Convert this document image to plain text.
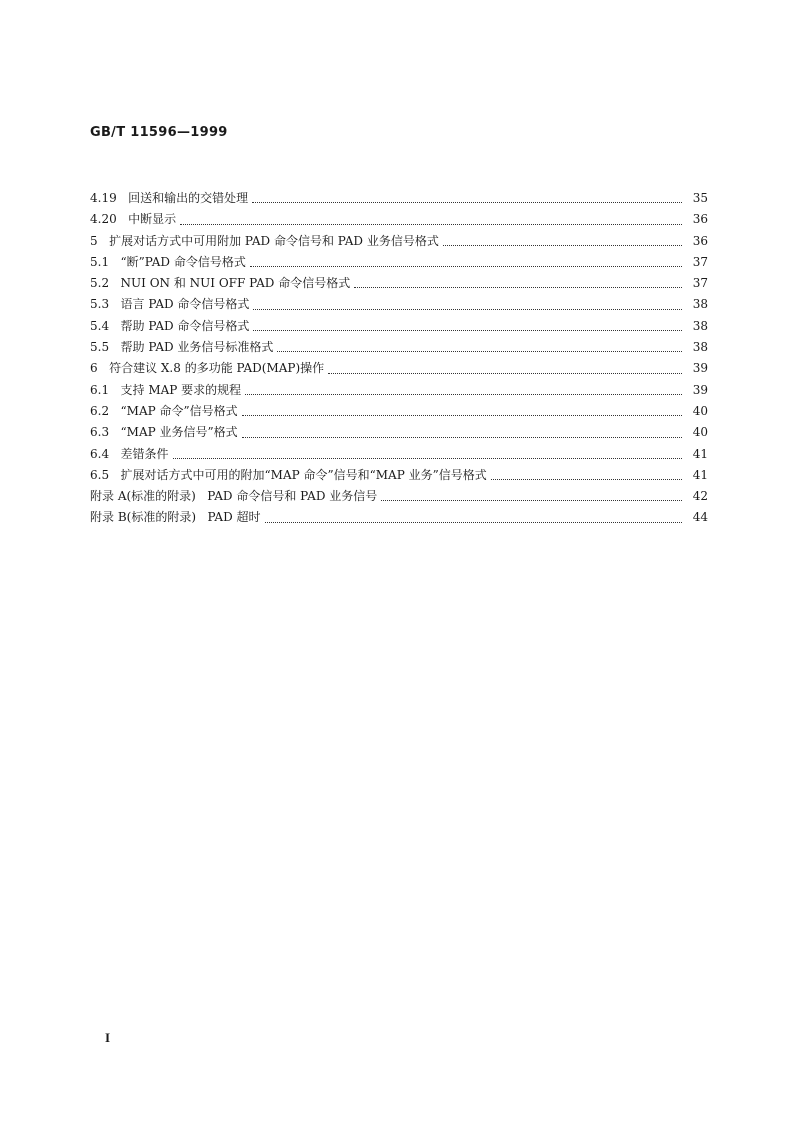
GB/T 11596—1999
4.19   回送和输出的交错处理	35
4.20   中断显示	36
5   扩展对话方式中可用附加 PAD 命令信号和 PAD 业务信号格式	36
5.1   “断”PAD 命令信号格式	37
5.2   NUI ON 和 NUI OFF PAD 命令信号格式	37
5.3   语言 PAD 命令信号格式	38
5.4   帮助 PAD 命令信号格式	38
5.5   帮助 PAD 业务信号标准格式	38
6   符合建议 X.8 的多功能 PAD(MAP)操作	39
6.1   支持 MAP 要求的规程	39
6.2   “MAP 命令”信号格式	40
6.3   “MAP 业务信号”格式	40
6.4   差错条件	41
6.5   扩展对话方式中可用的附加“MAP 命令”信号和“MAP 业务”信号格式	41
附录 A(标准的附录)   PAD 命令信号和 PAD 业务信号	42
附录 B(标准的附录)   PAD 超时	44
I
